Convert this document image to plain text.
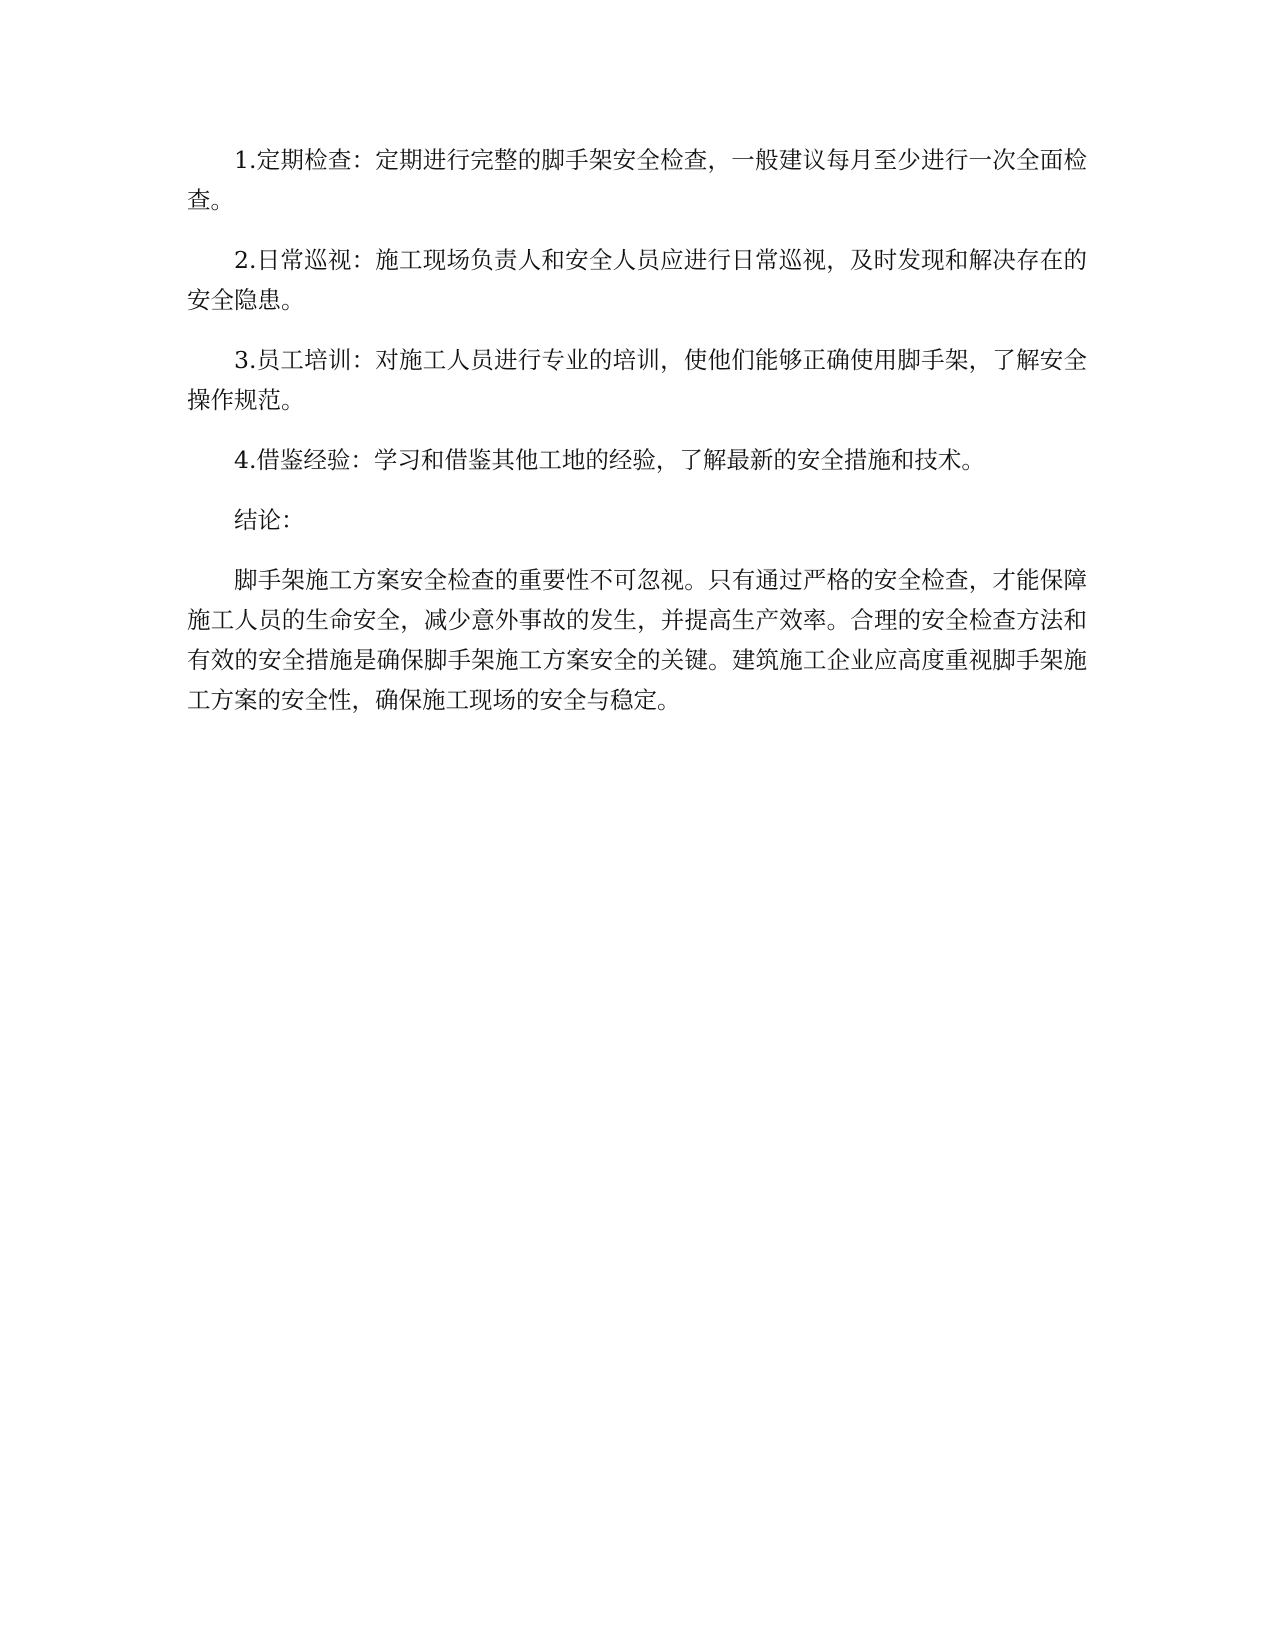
1.定期检查：定期进行完整的脚手架安全检查，一般建议每月至少进行一次全面检查。

2.日常巡视：施工现场负责人和安全人员应进行日常巡视，及时发现和解决存在的安全隐患。

3.员工培训：对施工人员进行专业的培训，使他们能够正确使用脚手架，了解安全操作规范。

4.借鉴经验：学习和借鉴其他工地的经验，了解最新的安全措施和技术。

结论：

脚手架施工方案安全检查的重要性不可忽视。只有通过严格的安全检查，才能保障施工人员的生命安全，减少意外事故的发生，并提高生产效率。合理的安全检查方法和有效的安全措施是确保脚手架施工方案安全的关键。建筑施工企业应高度重视脚手架施工方案的安全性，确保施工现场的安全与稳定。
